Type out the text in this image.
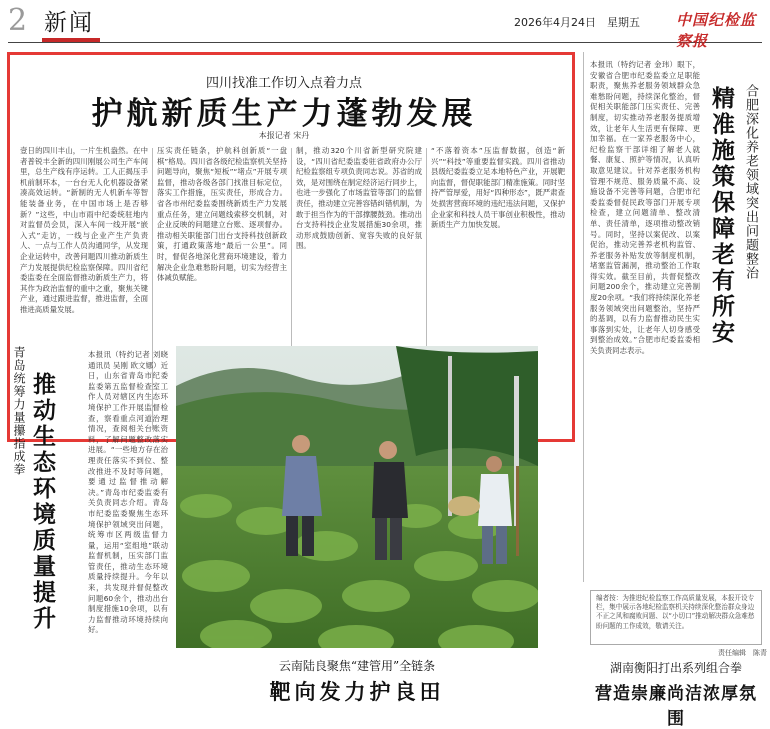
2 新闻	2026年4月24日　星期五 中国纪检监察报
四川找准工作切入点着力点
护航新质生产力蓬勃发展
本报记者 宋丹
壹日的四川丰山，一片生机盎然。在中者普锐丰全新的四川刚展公司生产车间里，总生产线有序运转。工人正揭压手机前制环本，一台台无人化机器设备紧凑高效运转。“新制的无人机新车等智能装备业务，在中国市场上是否够新？”这些，中山市雨中纪委统驻地内对监督员会员，深入车间一线开展“嵌入式”走访，一线与企业产生产负责人、一点与工作人员沟通同学，从发现企业运转中，改善问题四川推动新质生产力发展提供纪检监察保障。四川省纪委监委在全面监督推动新质生产力，将其作为政治监督的重中之重，聚焦关键产业，通过跟进监督，推进监督，全面推进高质量发展。
压实责任链条，护航科创新质“一盘棋”格局。四川省各级纪检监察机关坚持问题导向，聚焦“短板”“堵点”开展专项监督，推动各级各部门找准目标定位，落实工作措施，压实责任，形成合力。省各市州纪委监委围绕新质生产力发展重点任务，建立问题线索移交机制，对企业反映的问题建立台账、逐项督办。推动相关职能部门出台支持科技创新政策，打通政策落地“最后一公里”。同时，督促各地深化营商环境建设，着力解决企业急难愁盼问题，切实为经营主体减负赋能。
制，推动320个川省新型研究院建设，“四川省纪委监委驻省政府办公厅纪检监察组专项负责同志说。苏省的成效，是对围绕在制定经济运行同步上，也进一步强化了市场监管等部门的监督责任，推动建立完善容错纠错机制，为敢于担当作为的干部撑腰鼓劲。推动出台支持科技企业发展措施30余项，推动形成鼓励创新、宽容失败的良好氛围。
“不落着资本”压监督数据，创造“新兴”“科技”等重要监督实践。四川省推动县级纪委监委立足本地特色产业，开展靶向监督，督促职能部门精准施策。同时坚持严管厚爱，用好“四种形态”，既严肃查处损害营商环境的违纪违法问题，又保护企业家和科技人员干事创业积极性，推动新质生产力加快发展。
本报讯（特约记者 金玮）眼下，安徽省合肥市纪委监委立足职能职责，聚焦养老服务领域群众急难愁盼问题，持续深化整治，督促相关职能部门压实责任、完善制度，切实推动养老服务提质增效，让老年人生活更有保障、更加幸福。在一家养老服务中心，纪检监察干部详细了解老人就餐、康复、照护等情况，认真听取意见建议。针对养老服务机构管理不规范、服务质量不高、设施设备不完善等问题，合肥市纪委监委督促民政等部门开展专项检查，建立问题清单、整改清单、责任清单，逐项推动整改销号。同时，坚持以案促改、以案促治，推动完善养老机构监管、养老服务补贴发放等制度机制，堵塞监管漏洞，推动整治工作取得实效。截至目前，共督促整改问题200余个，推动建立完善制度20余项。“我们将持续深化养老服务领域突出问题整治，坚持严的基调，以有力监督推动民生实事落到实处，让老年人切身感受到整治成效。”合肥市纪委监委相关负责同志表示。
合肥深化养老领域突出问题整治
精准施策保障老有所安
青岛统筹力量攥指成拳 推动生态环境质量提升
本报讯（特约记者 刘晓 通讯员 吴刚 欧文娜）近日，山东省青岛市纪委监委第五监督检查室工作人员对辖区内生态环境保护工作开展监督检查，察看重点河道治理情况，查阅相关台账资料，了解问题整改落实进展。“一些地方存在治理责任落实不到位、整改推进不及时等问题，要通过监督推动解决。”青岛市纪委监委有关负责同志介绍。青岛市纪委监委聚焦生态环境保护领域突出问题，统筹市区两级监督力量，运用“室组地”联动监督机制，压实部门监管责任，推动生态环境质量持续提升。今年以来，共发现并督促整改问题60余个，推动出台制度措施10余项，以有力监督推动环境持续向好。
云南陆良聚焦“建管用”全链条
靶向发力护良田
编者按：为推进纪检监察工作高质量发展，本报开设专栏，集中展示各地纪检监察机关持续深化整治群众身边不正之风和腐败问题、以“小切口”推动解决群众急难愁盼问题的工作成效，敬请关注。
责任编辑　陈青
湖南衡阳打出系列组合拳
营造崇廉尚洁浓厚氛围
